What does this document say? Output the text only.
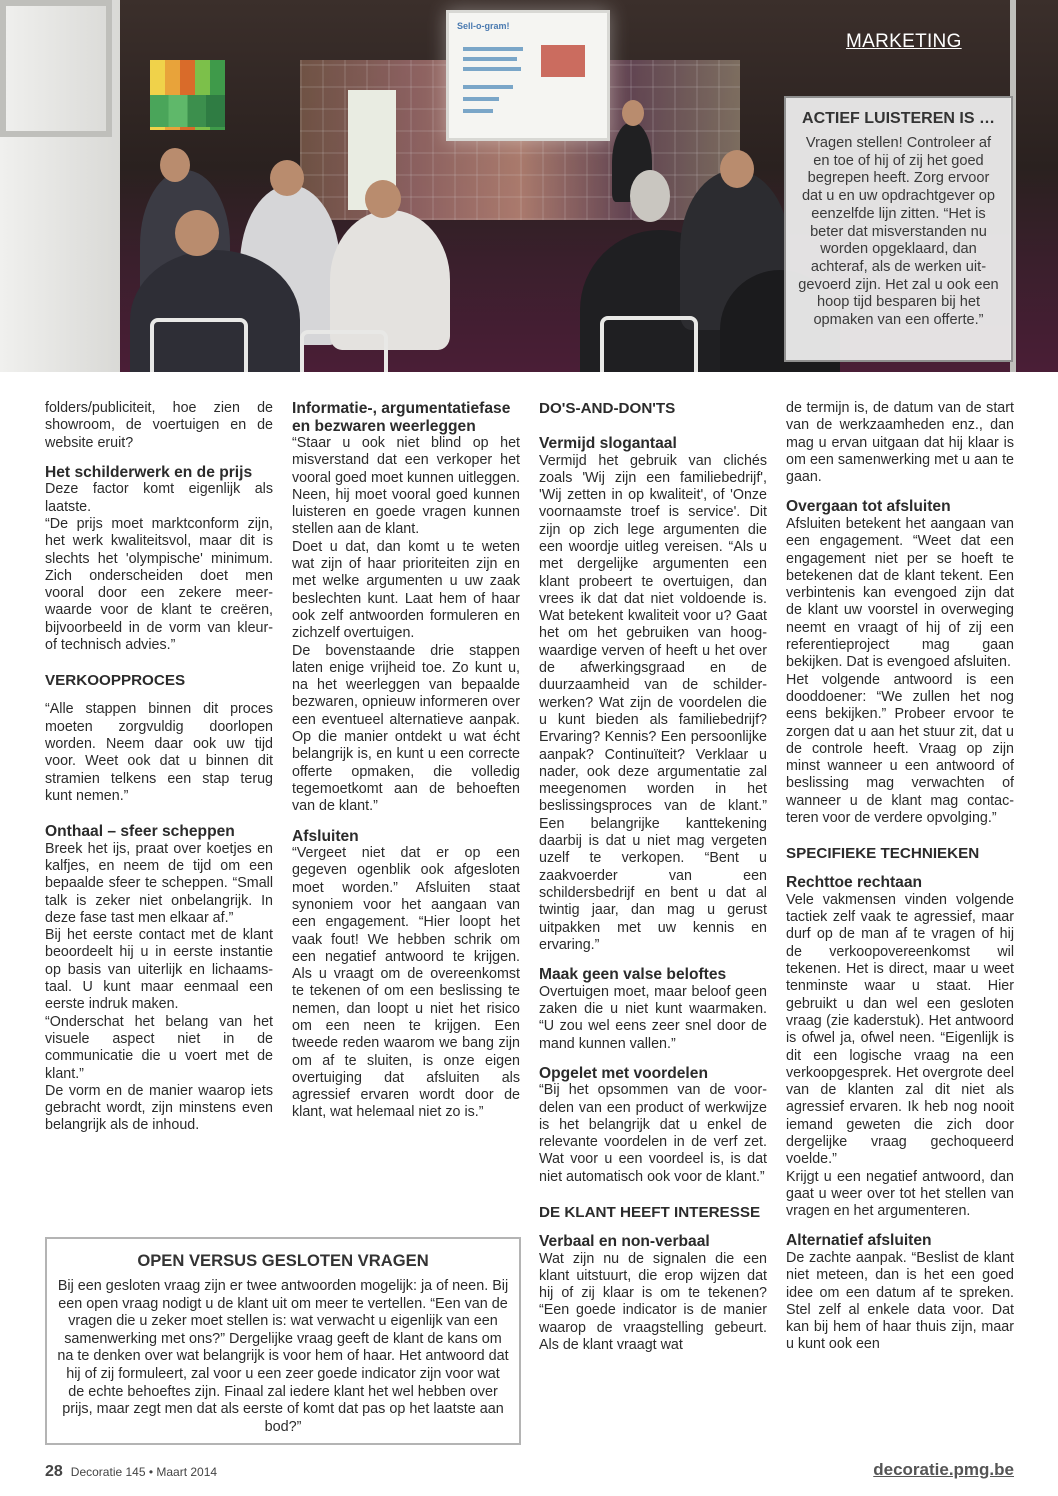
Sell-o-gram!
MARKETING
ACTIEF LUISTEREN IS …
Vragen stellen! Controleer af en toe of hij of zij het goed begrepen heeft. Zorg ervoor dat u en uw opdrachtgever op eenzelfde lijn zitten. “Het is beter dat misverstanden nu worden opgeklaard, dan achteraf, als de werken uitgevoerd zijn. Het zal u ook een hoop tijd besparen bij het opmaken van een offerte.”

folders/publiciteit, hoe zien de showroom, de voertuigen en de website eruit?

Het schilderwerk en de prijs

Deze factor komt eigenlijk als laatste.

“De prijs moet marktconform zijn, het werk kwaliteitsvol, maar dit is slechts het 'olympische' minimum. Zich onderscheiden doet men vooral door een zekere meerwaarde voor de klant te creëren, bijvoorbeeld in de vorm van kleur- of technisch advies.”

VERKOOPPROCES

“Alle stappen binnen dit proces moeten zorgvuldig doorlopen worden. Neem daar ook uw tijd voor. Weet ook dat u binnen dit stramien telkens een stap terug kunt nemen.”

Onthaal – sfeer scheppen

Breek het ijs, praat over koetjes en kalfjes, en neem de tijd om een bepaalde sfeer te scheppen. “Small talk is zeker niet onbelangrijk. In deze fase tast men elkaar af.”

Bij het eerste contact met de klant beoordeelt hij u in eerste instantie op basis van uiterlijk en lichaamstaal. U kunt maar eenmaal een eerste indruk maken.

“Onderschat het belang van het visuele aspect niet in de communicatie die u voert met de klant.”

De vorm en de manier waarop iets gebracht wordt, zijn minstens even belangrijk als de inhoud.

Informatie-, argumentatiefase en bezwaren weerleggen

“Staar u ook niet blind op het misverstand dat een verkoper het vooral goed moet kunnen uitleggen. Neen, hij moet vooral goed kunnen luisteren en goede vragen kunnen stellen aan de klant.

Doet u dat, dan komt u te weten wat zijn of haar prioriteiten zijn en met welke argumenten u uw zaak beslechten kunt. Laat hem of haar ook zelf antwoorden formuleren en zichzelf overtuigen.

De bovenstaande drie stappen laten enige vrijheid toe. Zo kunt u, na het weerleggen van bepaalde bezwaren, opnieuw informeren over een eventueel alternatieve aanpak. Op die manier ontdekt u wat écht belangrijk is, en kunt u een correcte offerte opmaken, die volledig tegemoetkomt aan de behoeften van de klant.”

Afsluiten

“Vergeet niet dat er op een gegeven ogenblik ook afgesloten moet worden.” Afsluiten staat synoniem voor het aangaan van een engagement. “Hier loopt het vaak fout! We hebben schrik om een negatief antwoord te krijgen. Als u vraagt om de overeenkomst te tekenen of om een beslissing te nemen, dan loopt u niet het risico om een neen te krijgen. Een tweede reden waarom we bang zijn om af te sluiten, is onze eigen overtuiging dat afsluiten als agressief ervaren wordt door de klant, wat helemaal niet zo is.”

DO'S-AND-DON'TS
Vermijd slogantaal

Vermijd het gebruik van clichés zoals 'Wij zijn een familiebedrijf', 'Wij zetten in op kwaliteit', of 'Onze voornaamste troef is service'. Dit zijn op zich lege argumenten die een woordje uitleg vereisen. “Als u met dergelijke argumenten een klant probeert te overtuigen, dan vrees ik dat dat niet voldoende is. Wat betekent kwaliteit voor u? Gaat het om het gebruiken van hoogwaardige verven of heeft u het over de afwerkingsgraad en de duurzaamheid van de schilderwerken? Wat zijn de voordelen die u kunt bieden als familiebedrijf? Ervaring? Kennis? Een persoonlijke aanpak? Continuïteit? Verklaar u nader, ook deze argumentatie zal meegenomen worden in het beslissingsproces van de klant.” Een belangrijke kanttekening daarbij is dat u niet mag vergeten uzelf te verkopen. “Bent u zaakvoerder van een schildersbedrijf en bent u dat al twintig jaar, dan mag u gerust uitpakken met uw kennis en ervaring.”

Maak geen valse beloftes

Overtuigen moet, maar beloof geen zaken die u niet kunt waarmaken. “U zou wel eens zeer snel door de mand kunnen vallen.”

Opgelet met voordelen

“Bij het opsommen van de voordelen van een product of werkwijze is het belangrijk dat u enkel de relevante voordelen in de verf zet. Wat voor u een voordeel is, is dat niet automatisch ook voor de klant.”

DE KLANT HEEFT INTERESSE
Verbaal en non-verbaal

Wat zijn nu de signalen die een klant uitstuurt, die erop wijzen dat hij of zij klaar is om te tekenen? “Een goede indicator is de manier waarop de vraagstelling gebeurt. Als de klant vraagt wat

de termijn is, de datum van de start van de werkzaamheden enz., dan mag u ervan uitgaan dat hij klaar is om een samenwerking met u aan te gaan.

Overgaan tot afsluiten

Afsluiten betekent het aangaan van een engagement. “Weet dat een engagement niet per se hoeft te betekenen dat de klant tekent. Een verbintenis kan evengoed zijn dat de klant uw voorstel in overweging neemt en vraagt of hij of zij een referentieproject mag gaan bekijken. Dat is evengoed afsluiten.

Het volgende antwoord is een dooddoener: “We zullen het nog eens bekijken.” Probeer ervoor te zorgen dat u aan het stuur zit, dat u de controle heeft. Vraag op zijn minst wanneer u een antwoord of beslissing mag verwachten of wanneer u de klant mag contacteren voor de verdere opvolging.”

SPECIFIEKE TECHNIEKEN
Rechttoe rechtaan

Vele vakmensen vinden volgende tactiek zelf vaak te agressief, maar durf op de man af te vragen of hij de verkoopovereenkomst wil tekenen. Het is direct, maar u weet tenminste waar u staat. Hier gebruikt u dan wel een gesloten vraag (zie kaderstuk). Het antwoord is ofwel ja, ofwel neen. “Eigenlijk is dit een logische vraag na een verkoopgesprek. Het overgrote deel van de klanten zal dit niet als agressief ervaren. Ik heb nog nooit iemand geweten die zich door dergelijke vraag gechoqueerd voelde.”

Krijgt u een negatief antwoord, dan gaat u weer over tot het stellen van vragen en het argumenteren.

Alternatief afsluiten

De zachte aanpak. “Beslist de klant niet meteen, dan is het een goed idee om een datum af te spreken. Stel zelf al enkele data voor. Dat kan bij hem of haar thuis zijn, maar u kunt ook een

OPEN VERSUS GESLOTEN VRAGEN
Bij een gesloten vraag zijn er twee antwoorden mogelijk: ja of neen. Bij een open vraag nodigt u de klant uit om meer te vertellen. “Een van de vragen die u zeker moet stellen is: wat verwacht u eigenlijk van een samenwerking met ons?” Dergelijke vraag geeft de klant de kans om na te denken over wat belangrijk is voor hem of haar. Het antwoord dat hij of zij formuleert, zal voor u een zeer goede indicator zijn voor wat de echte behoeftes zijn. Finaal zal iedere klant het wel hebben over prijs, maar zegt men dat als eerste of komt dat pas op het laatste aan bod?”
28 Decoratie 145 • Maart 2014	decoratie.pmg.be
